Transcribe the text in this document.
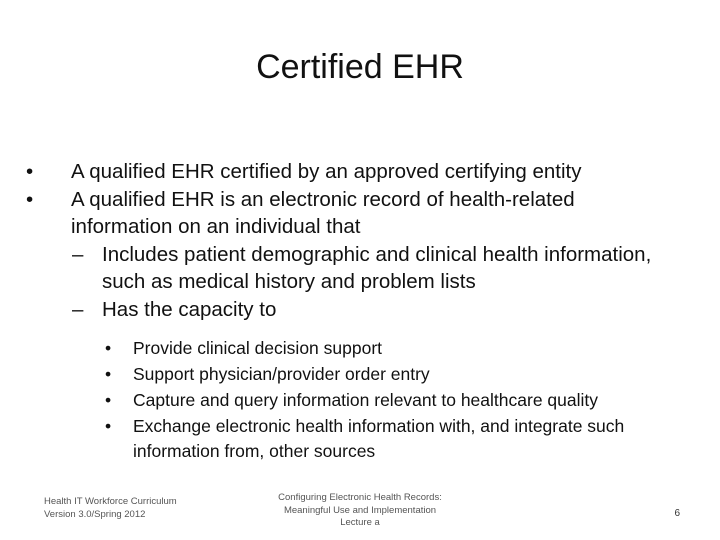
Certified EHR
• A qualified EHR certified by an approved certifying entity
• A qualified EHR is an electronic record of health-related information on an individual that
– Includes patient demographic and clinical health information, such as medical history and problem lists
– Has the capacity to
• Provide clinical decision support
• Support physician/provider order entry
• Capture and query information relevant to healthcare quality
• Exchange electronic health information with, and integrate such information from, other sources
Health IT Workforce Curriculum
Version 3.0/Spring 2012
Configuring Electronic Health Records:
Meaningful Use and Implementation
Lecture a
6
